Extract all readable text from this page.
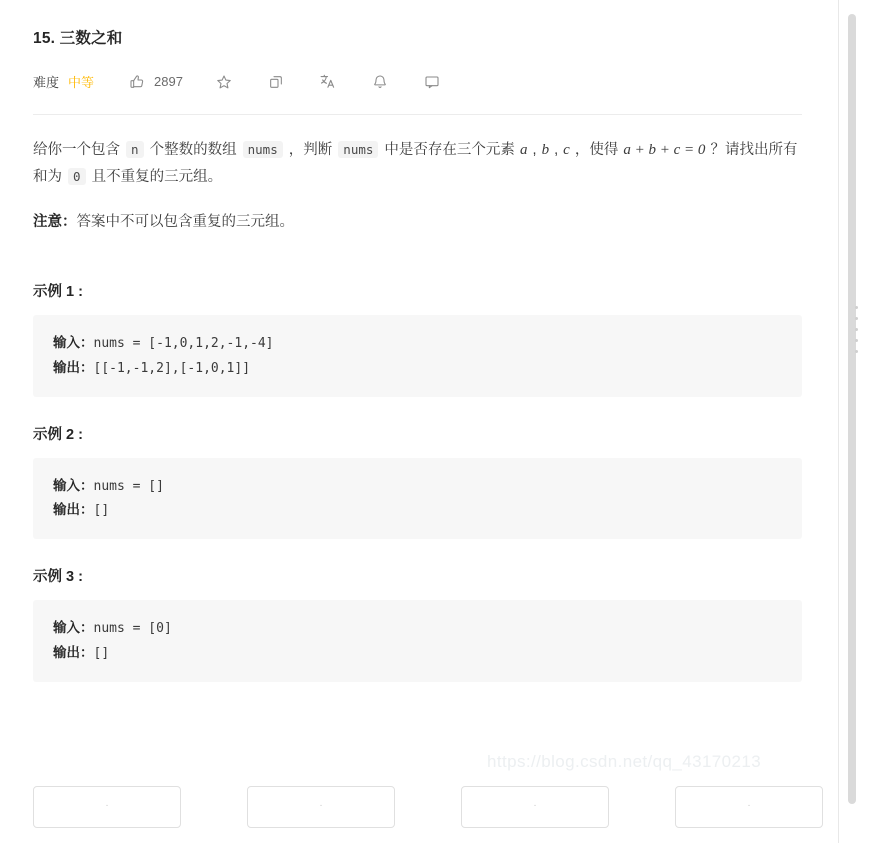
15. 三数之和
难度 中等	2897

给你一个包含 n 个整数的数组 nums ，判断 nums 中是否存在三个元素 a , b , c ，使得 a + b + c = 0 ？请找出所有和为 0 且不重复的三元组。

注意：答案中不可以包含重复的三元组。

示例 1 :
输入：nums = [-1,0,1,2,-1,-4]
输出：[[-1,-1,2],[-1,0,1]]
示例 2 :
输入：nums = []
输出：[]
示例 3 :
输入：nums = [0]
输出：[]
https://blog.csdn.net/qq_43170213
·	·	·	·
